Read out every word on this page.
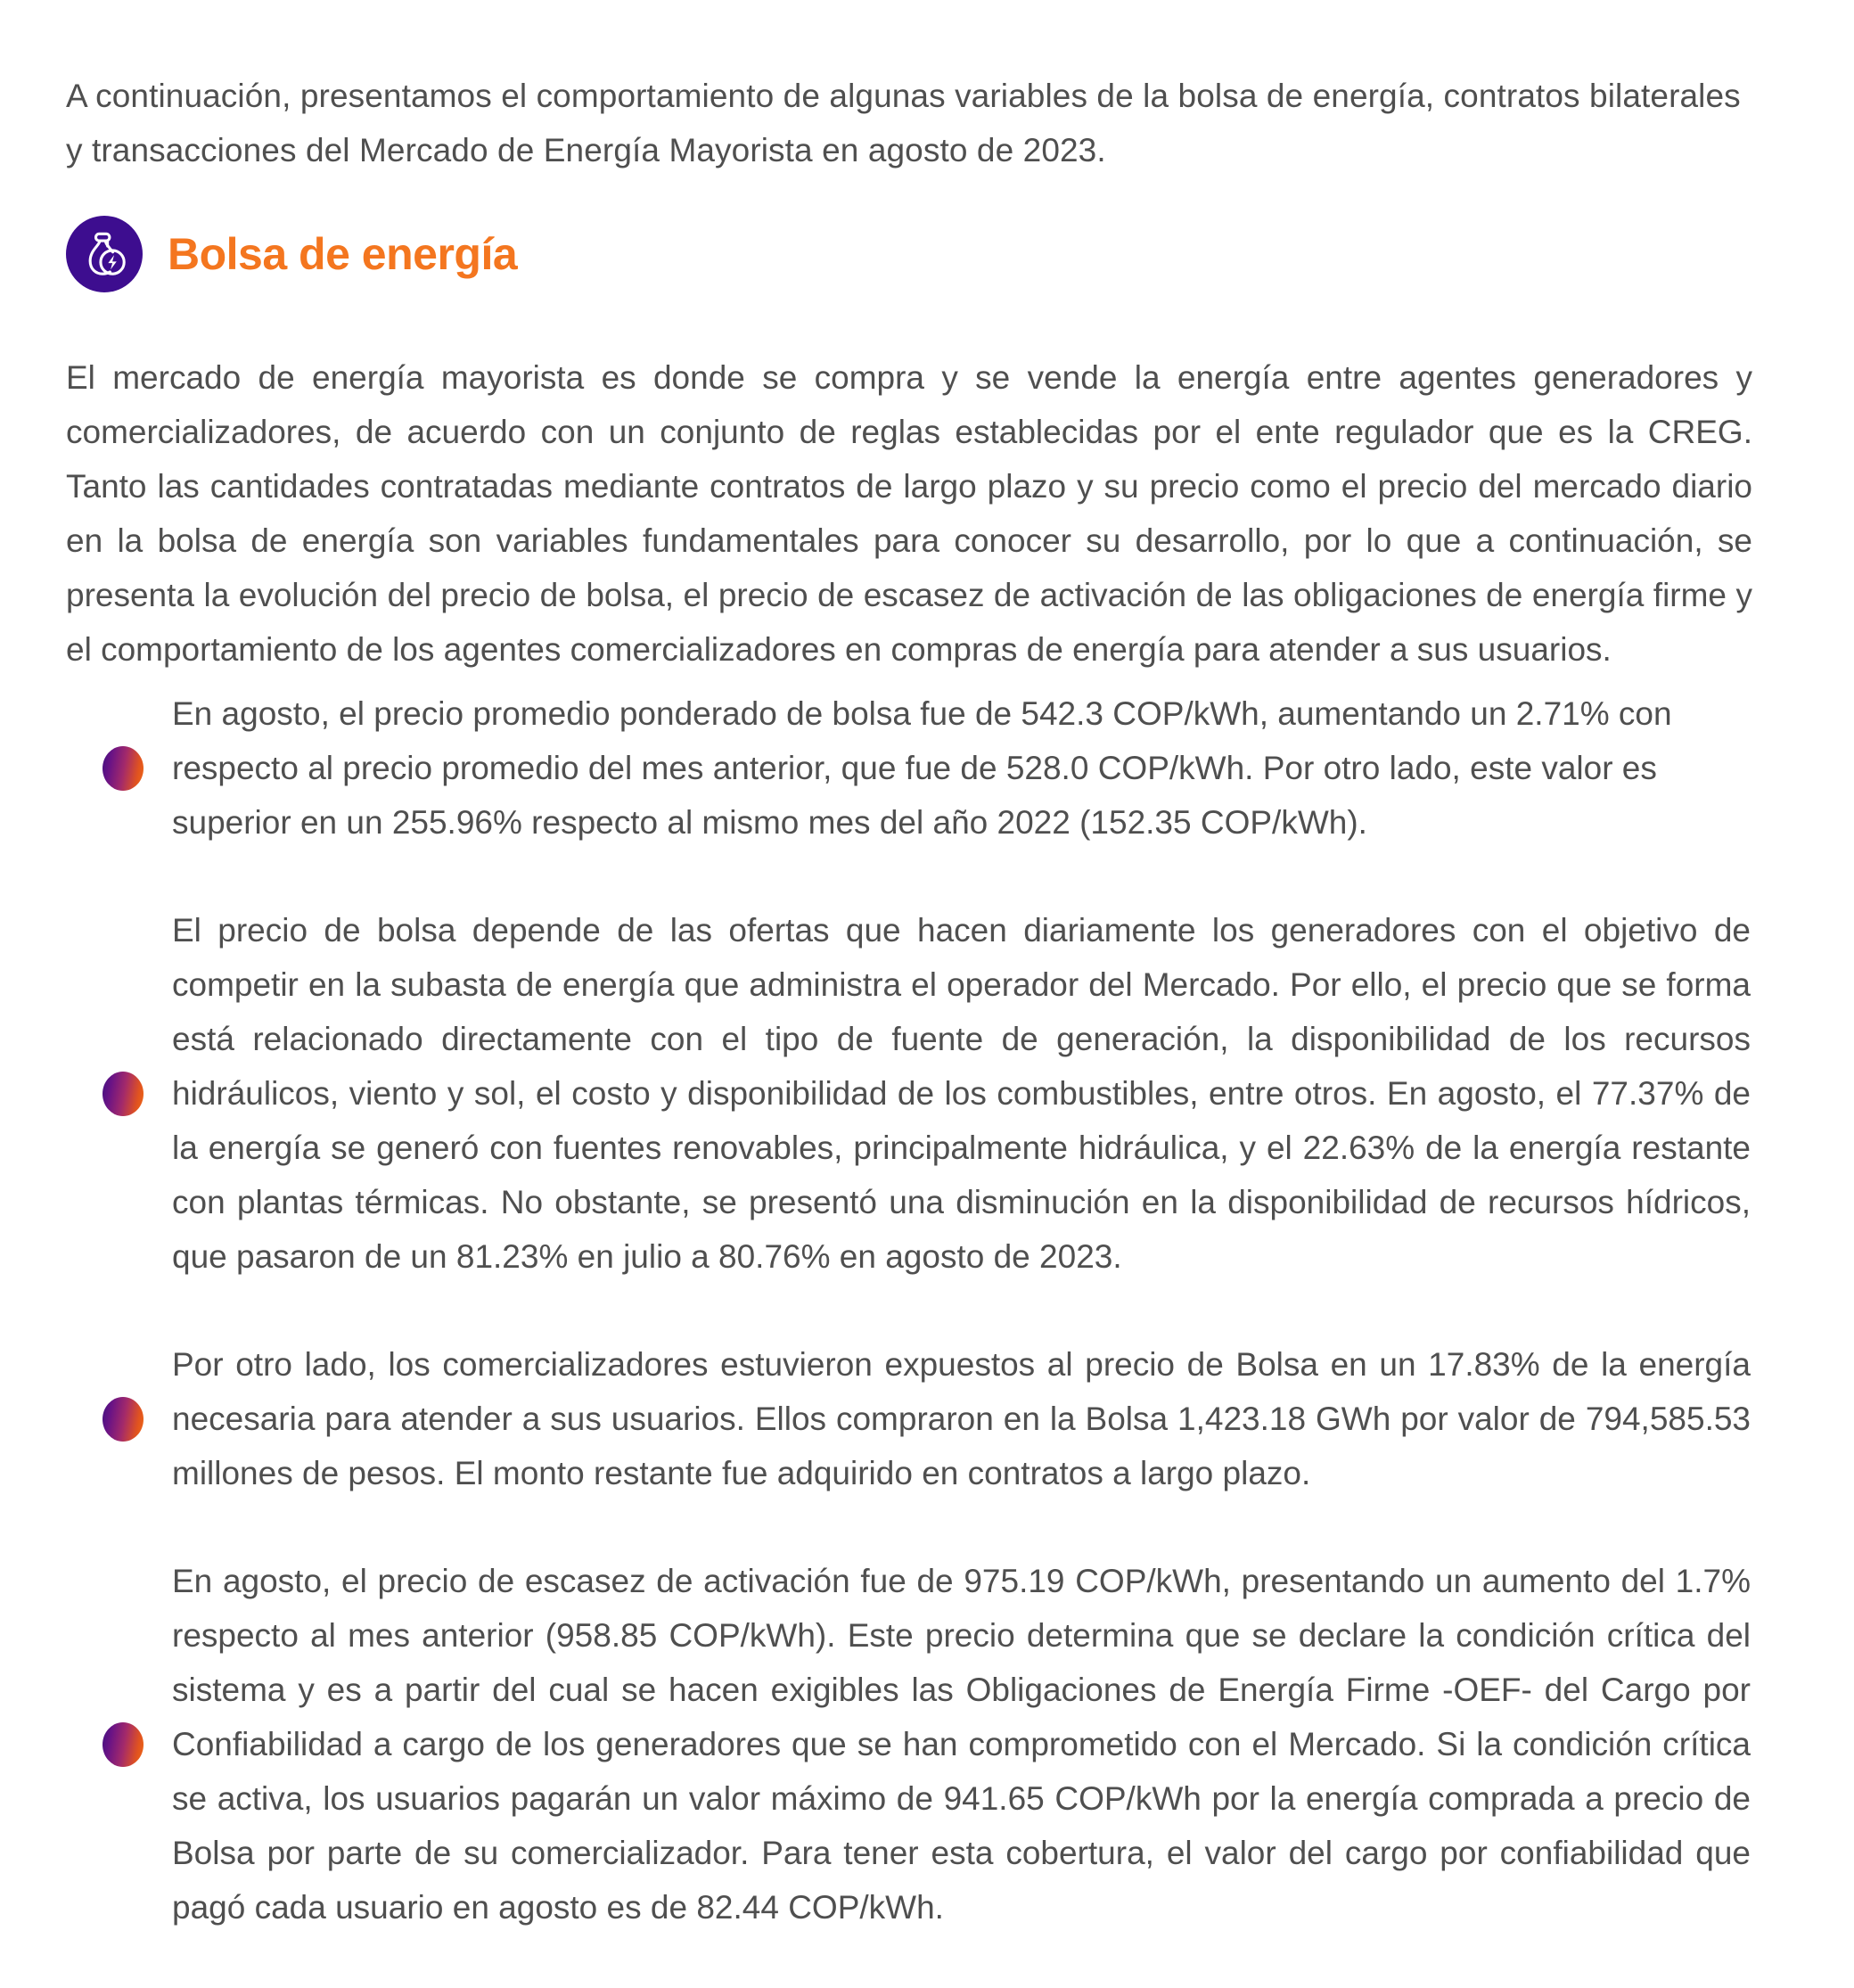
A continuación, presentamos el comportamiento de algunas variables de la bolsa de energía, contratos bilaterales y transacciones del Mercado de Energía Mayorista en agosto de 2023.

Bolsa de energía

El mercado de energía mayorista es donde se compra y se vende la energía entre agentes generadores y comercializadores, de acuerdo con un conjunto de reglas establecidas por el ente regulador que es la CREG. Tanto las cantidades contratadas mediante contratos de largo plazo y su precio como el precio del mercado diario en la bolsa de energía son variables fundamentales para conocer su desarrollo, por lo que a continuación, se presenta la evolución del precio de bolsa, el precio de escasez de activación de las obligaciones de energía firme y el comportamiento de los agentes comercializadores en compras de energía para atender a sus usuarios.

En agosto, el precio promedio ponderado de bolsa fue de 542.3 COP/kWh, aumentando un 2.71% con respecto al precio promedio del mes anterior, que fue de 528.0 COP/kWh. Por otro lado, este valor es superior en un 255.96% respecto al mismo mes del año 2022 (152.35 COP/kWh).
El precio de bolsa depende de las ofertas que hacen diariamente los generadores con el objetivo de competir en la subasta de energía que administra el operador del Mercado. Por ello, el precio que se forma está relacionado directamente con el tipo de fuente de generación, la disponibilidad de los recursos hidráulicos, viento y sol, el costo y disponibilidad de los combustibles, entre otros. En agosto, el 77.37% de la energía se generó con fuentes renovables, principalmente hidráulica, y el 22.63% de la energía restante con plantas térmicas. No obstante, se presentó una disminución en la disponibilidad de recursos hídricos, que pasaron de un 81.23% en julio a 80.76% en agosto de 2023.
Por otro lado, los comercializadores estuvieron expuestos al precio de Bolsa en un 17.83% de la energía necesaria para atender a sus usuarios. Ellos compraron en la Bolsa 1,423.18 GWh por valor de 794,585.53 millones de pesos. El monto restante fue adquirido en contratos a largo plazo.
En agosto, el precio de escasez de activación fue de 975.19 COP/kWh, presentando un aumento del 1.7% respecto al mes anterior (958.85 COP/kWh). Este precio determina que se declare la condición crítica del sistema y es a partir del cual se hacen exigibles las Obligaciones de Energía Firme -OEF- del Cargo por Confiabilidad a cargo de los generadores que se han comprometido con el Mercado. Si la condición crítica se activa, los usuarios pagarán un valor máximo de 941.65 COP/kWh por la energía comprada a precio de Bolsa por parte de su comercializador. Para tener esta cobertura, el valor del cargo por confiabilidad que pagó cada usuario en agosto es de 82.44 COP/kWh.
